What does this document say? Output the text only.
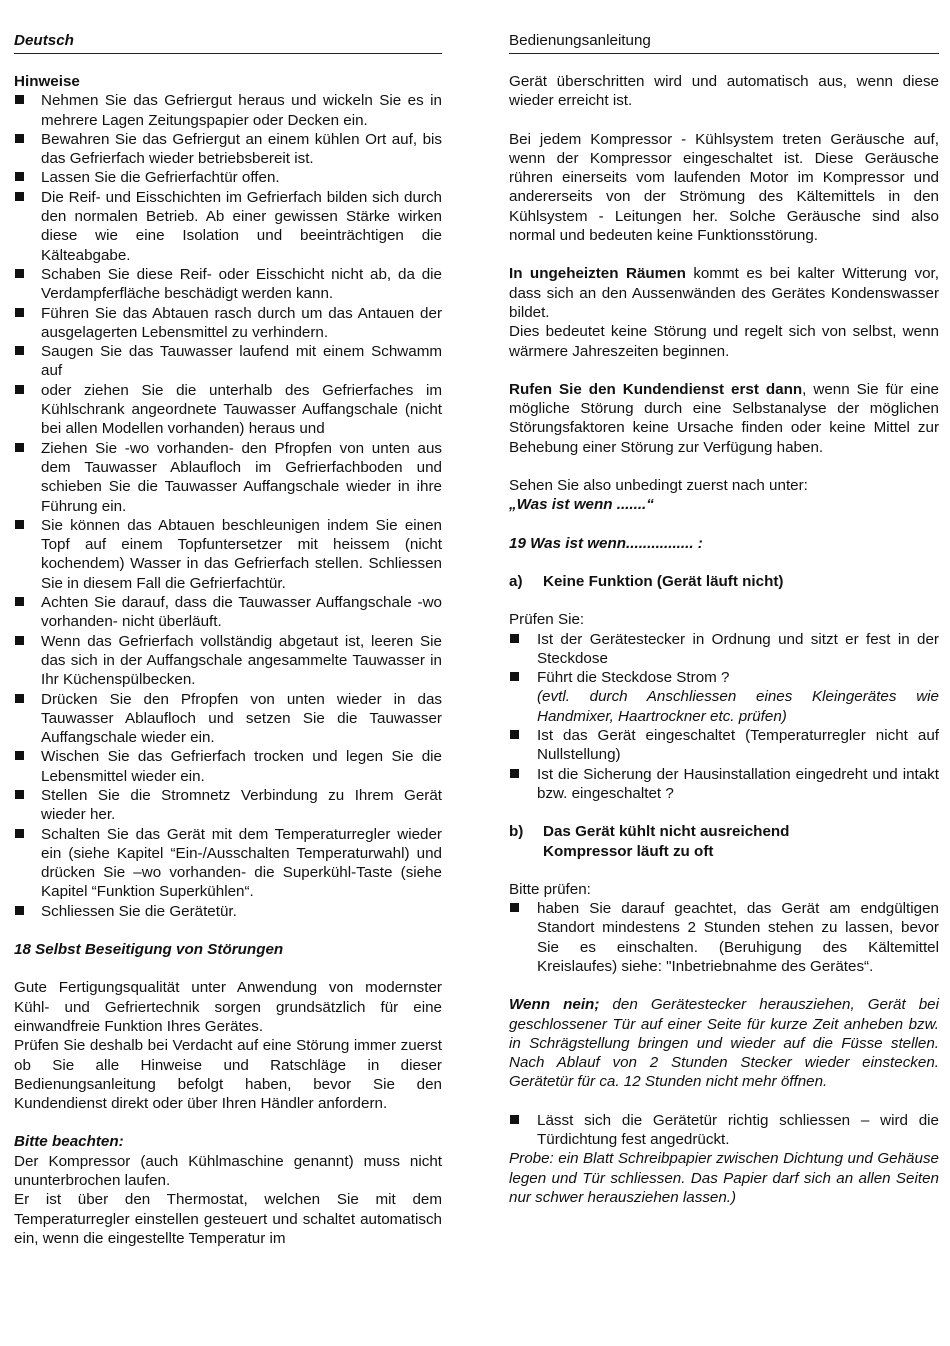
Deutsch	Bedienungsanleitung

Hinweise

Nehmen Sie das Gefriergut heraus und wickeln Sie es in mehrere Lagen Zeitungspapier oder Decken ein.
Bewahren Sie das Gefriergut an einem kühlen Ort auf, bis das Gefrierfach wieder betriebsbereit ist.
Lassen Sie die Gefrierfachtür offen.
Die Reif- und Eisschichten im Gefrierfach bilden sich durch den normalen Betrieb. Ab einer gewissen Stärke wirken diese wie eine Isolation und beeinträchtigen die Kälteabgabe.
Schaben Sie diese Reif- oder Eisschicht nicht ab, da die Verdampferfläche beschädigt werden kann.
Führen Sie das Abtauen rasch durch um das Antauen der ausgelagerten Lebensmittel zu verhindern.
Saugen Sie das Tauwasser laufend mit einem Schwamm auf
oder ziehen Sie die unterhalb des Gefrierfaches im Kühlschrank angeordnete Tauwasser Auffangschale (nicht bei allen Modellen vorhanden) heraus und
Ziehen Sie -wo vorhanden- den Pfropfen von unten aus dem Tauwasser Ablaufloch im Gefrierfachboden und schieben Sie die Tauwasser Auffangschale wieder in ihre Führung ein.
Sie können das Abtauen beschleunigen indem Sie einen Topf auf einem Topfuntersetzer mit heissem (nicht kochendem) Wasser in das Gefrierfach stellen. Schliessen Sie in diesem Fall die Gefrierfachtür.
Achten Sie darauf, dass die Tauwasser Auffangschale -wo vorhanden- nicht überläuft.
Wenn das Gefrierfach vollständig abgetaut ist, leeren Sie das sich in der Auffangschale angesammelte Tauwasser in Ihr Küchenspülbecken.
Drücken Sie den Pfropfen von unten wieder in das Tauwasser Ablaufloch und setzen Sie die Tauwasser Auffangschale wieder ein.
Wischen Sie das Gefrierfach trocken und legen Sie die Lebensmittel wieder ein.
Stellen Sie die Stromnetz Verbindung zu Ihrem Gerät wieder her.
Schalten Sie das Gerät mit dem Temperaturregler wieder ein (siehe Kapitel “Ein-/Ausschalten Temperaturwahl) und drücken Sie –wo vorhanden- die Superkühl-Taste (siehe Kapitel “Funktion Superkühlen“.
Schliessen Sie die Gerätetür.

18 Selbst Beseitigung von Störungen

Gute Fertigungsqualität unter Anwendung von modernster Kühl- und Gefriertechnik sorgen grundsätzlich für eine einwandfreie Funktion Ihres Gerätes.

Prüfen Sie deshalb bei Verdacht auf eine Störung immer zuerst ob Sie alle Hinweise und Ratschläge in dieser Bedienungsanleitung befolgt haben, bevor Sie den Kundendienst direkt oder über Ihren Händler anfordern.

Bitte beachten:

Der Kompressor (auch Kühlmaschine genannt) muss nicht ununterbrochen laufen.

Er ist über den Thermostat, welchen Sie mit dem Temperaturregler einstellen gesteuert und schaltet automatisch ein, wenn die eingestellte Temperatur im

Gerät überschritten wird und automatisch aus, wenn diese wieder erreicht ist.

Bei jedem Kompressor - Kühlsystem treten Geräusche auf, wenn der Kompressor eingeschaltet ist. Diese Geräusche rühren einerseits vom laufenden Motor im Kompressor und andererseits von der Strömung des Kältemittels in den Kühlsystem - Leitungen her. Solche Geräusche sind also normal und bedeuten keine Funktionsstörung.

In ungeheizten Räumen kommt es bei kalter Witterung vor, dass sich an den Aussenwänden des Gerätes Kondenswasser bildet.

Dies bedeutet keine Störung und regelt sich von selbst, wenn wärmere Jahreszeiten beginnen.

Rufen Sie den Kundendienst erst dann, wenn Sie für eine mögliche Störung durch eine Selbstanalyse der möglichen Störungsfaktoren keine Ursache finden oder keine Mittel zur Behebung einer Störung zur Verfügung haben.

Sehen Sie also unbedingt zuerst nach unter:

„Was ist wenn .......“

19 Was ist wenn................ :

a)	Keine Funktion (Gerät läuft nicht)

Prüfen Sie:

Ist der Gerätestecker in Ordnung und sitzt er fest in der Steckdose
Führt die Steckdose Strom ?
(evtl. durch Anschliessen eines Kleingerätes wie Handmixer, Haartrockner etc. prüfen)
Ist das Gerät eingeschaltet (Temperaturregler nicht auf Nullstellung)
Ist die Sicherung der Hausinstallation eingedreht und intakt bzw. eingeschaltet ?
b)	Das Gerät kühlt nicht ausreichend
Kompressor läuft zu oft

Bitte prüfen:

haben Sie darauf geachtet, das Gerät am endgültigen Standort mindestens 2 Stunden stehen zu lassen, bevor Sie es einschalten. (Beruhigung des Kältemittel Kreislaufes) siehe: "Inbetriebnahme des Gerätes“.

Wenn nein; den Gerätestecker herausziehen, Gerät bei geschlossener Tür auf einer Seite für kurze Zeit anheben bzw. in Schrägstellung bringen und wieder auf die Füsse stellen. Nach Ablauf von 2 Stunden Stecker wieder einstecken. Gerätetür für ca. 12 Stunden nicht mehr öffnen.

Lässt sich die Gerätetür richtig schliessen – wird die Türdichtung fest angedrückt.

Probe: ein Blatt Schreibpapier zwischen Dichtung und Gehäuse legen und Tür schliessen. Das Papier darf sich an allen Seiten nur schwer herausziehen lassen.)
